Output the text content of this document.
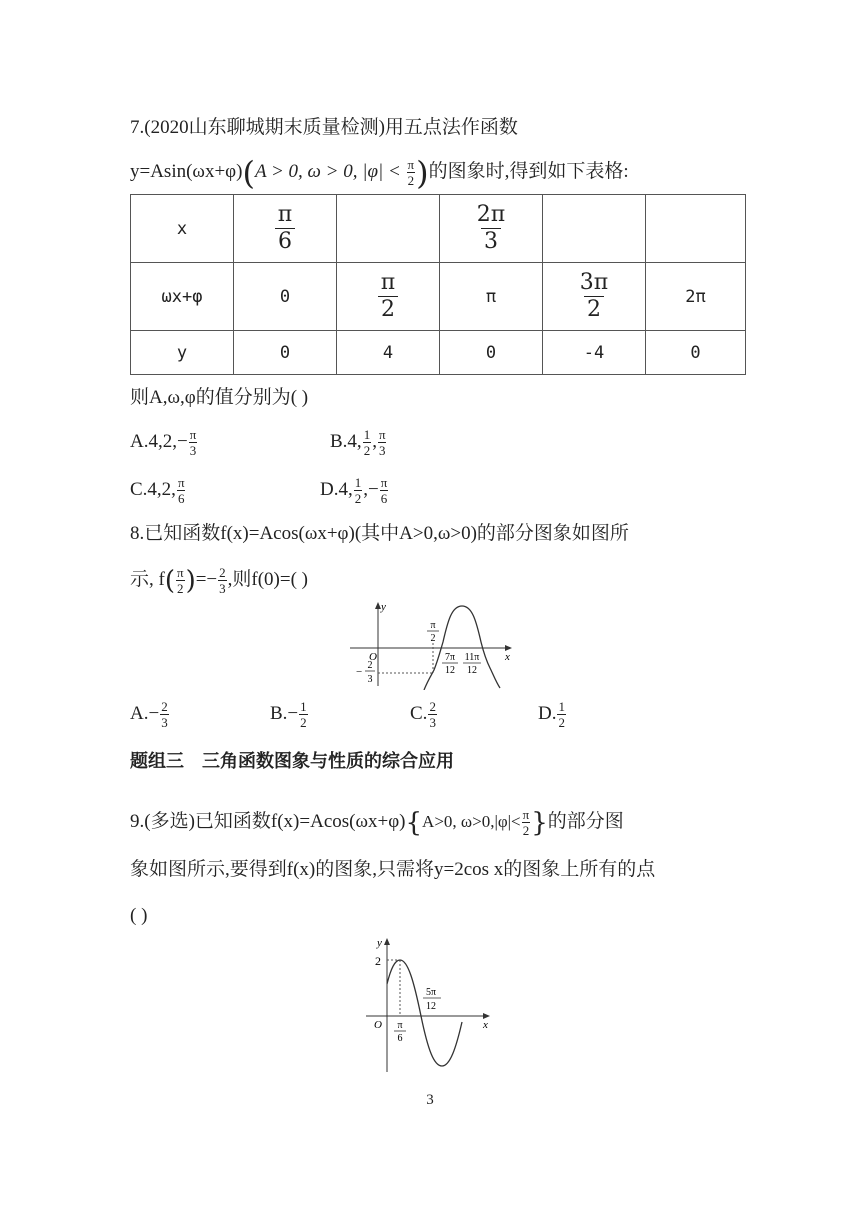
7.(2020山东聊城期末质量检测)用五点法作函数
y=Asin(ωx+φ)(A > 0, ω > 0, $|\varphi| < \frac{\pi}{2}$ )的图象时,得到如下表格:
x	$\frac{\pi}{6}$		$\frac{2\pi}{3}$

ωx+φ	0	$\frac{\pi}{2}$	π	$\frac{3\pi}{2}$	2π
y	0	4	0	-4	0
则A,ω,φ的值分别为( )
$A.4,2,- \frac{\pi}{3}$	B.4, $\frac{1}{2}$ , $\frac{\pi}{3}$
C.4,2, $\frac{\pi}{6}$	D.4, $\frac{1}{2}$ ,− $\frac{\pi}{6}$
8.已知函数f(x)=Acos(ωx+φ)(其中A>0,ω>0)的部分图象如图所
示, $f( \frac{\pi}{2}$ )=− $\frac{2}{3}$ ,则f(0)=( )
y
x
O
π
2
7π
12
11π
12
−
2
3
$A.- \frac{2}{3}$	$B.- \frac{1}{2}$	C. $\frac{2}{3}$	D. $\frac{1}{2}$
题组三　三角函数图象与性质的综合应用
9.(多选)已知函数f(x)=Acos(ωx+φ){A>0, $\omega>0,|\varphi|< \frac{\pi}{2}$ }的部分图
象如图所示,要得到f(x)的图象,只需将y=2cos x的图象上所有的点
( )
y
x
O
2
π
6
5π
12
3
